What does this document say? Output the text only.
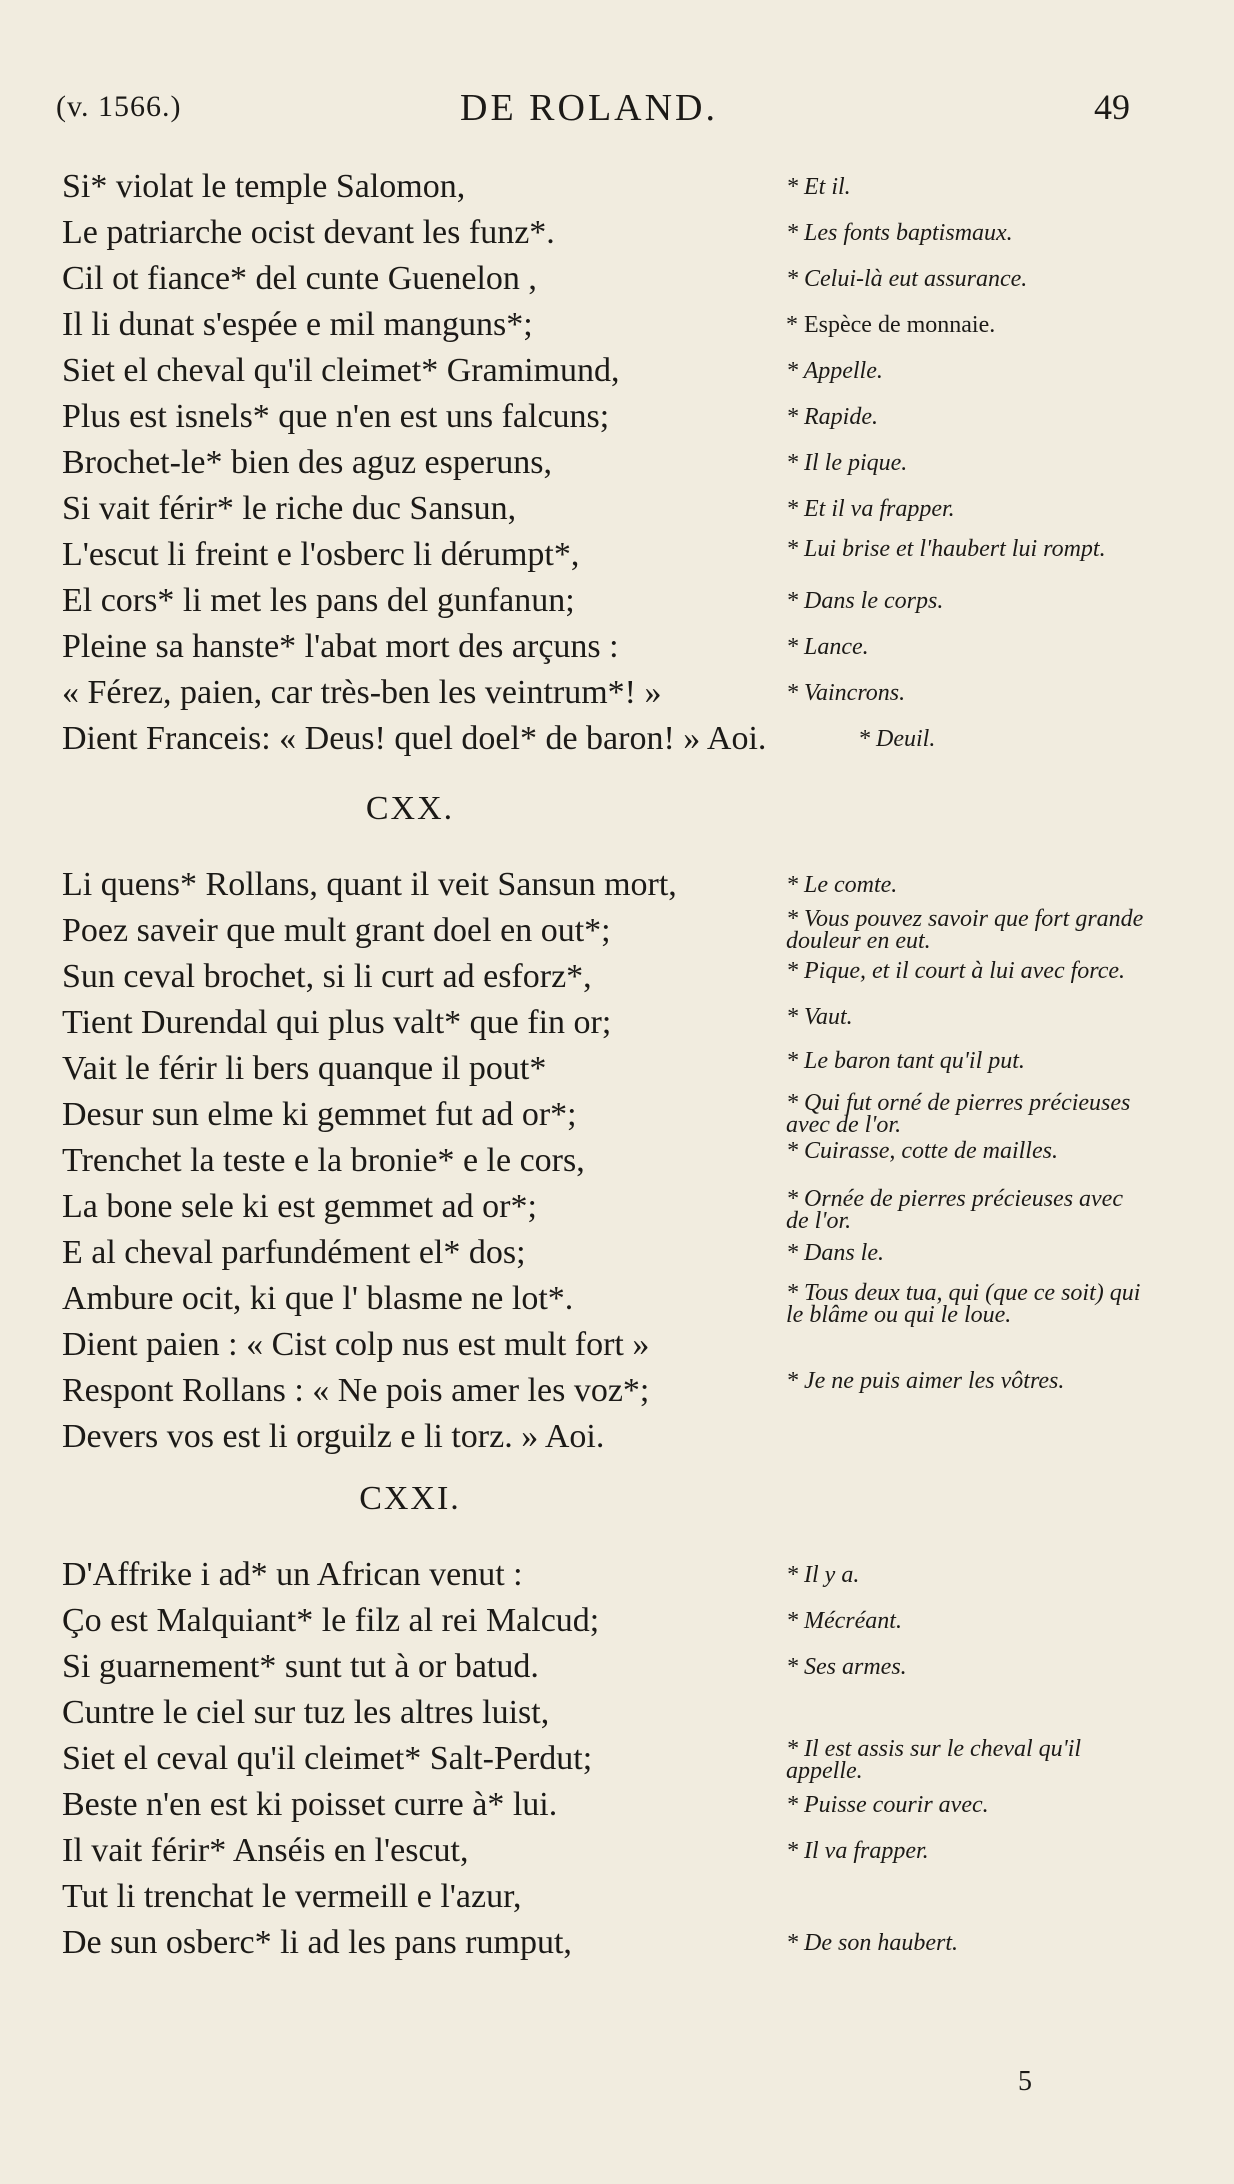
(v. 1566.)	DE ROLAND.	49
Si* violat le temple Salomon,	* Et il.
Le patriarche ocist devant les funz*.	* Les fonts baptismaux.
Cil ot fiance* del cunte Guenelon ,	* Celui-là eut assurance.
Il li dunat s'espée e mil manguns*;	* Espèce de monnaie.
Siet el cheval qu'il cleimet* Gramimund,	* Appelle.
Plus est isnels* que n'en est uns falcuns;	* Rapide.
Brochet-le* bien des aguz esperuns,	* Il le pique.
Si vait férir* le riche duc Sansun,	* Et il va frapper.
L'escut li freint e l'osberc li dérumpt*,	* Lui brise et l'haubert lui rompt.
El cors* li met les pans del gunfanun;	* Dans le corps.
Pleine sa hanste* l'abat mort des arçuns :	* Lance.
« Férez, paien, car très-ben les veintrum*! »	* Vaincrons.
Dient Franceis: « Deus! quel doel* de baron! » Aoi.	* Deuil.
CXX.
Li quens* Rollans, quant il veit Sansun mort,	* Le comte.
Poez saveir que mult grant doel en out*;	* Vous pouvez savoir que fort grande douleur en eut.
Sun ceval brochet, si li curt ad esforz*,	* Pique, et il court à lui avec force.
Tient Durendal qui plus valt* que fin or;	* Vaut.
Vait le férir li bers quanque il pout*	* Le baron tant qu'il put.
Desur sun elme ki gemmet fut ad or*;	* Qui fut orné de pierres précieuses avec de l'or.
Trenchet la teste e la bronie* e le cors,	* Cuirasse, cotte de mailles.
La bone sele ki est gemmet ad or*;	* Ornée de pierres précieuses avec de l'or.
E al cheval parfundément el* dos;	* Dans le.
Ambure ocit, ki que l' blasme ne lot*.	* Tous deux tua, qui (que ce soit) qui le blâme ou qui le loue.
Dient paien : « Cist colp nus est mult fort »
Respont Rollans : « Ne pois amer les voz*;	* Je ne puis aimer les vôtres.
Devers vos est li orguilz e li torz. » Aoi.
CXXI.
D'Affrike i ad* un African venut :	* Il y a.
Ço est Malquiant* le filz al rei Malcud;	* Mécréant.
Si guarnement* sunt tut à or batud.	* Ses armes.
Cuntre le ciel sur tuz les altres luist,
Siet el ceval qu'il cleimet* Salt-Perdut;	* Il est assis sur le cheval qu'il appelle.
Beste n'en est ki poisset curre à* lui.	* Puisse courir avec.
Il vait férir* Anséis en l'escut,	* Il va frapper.
Tut li trenchat le vermeill e l'azur,
De sun osberc* li ad les pans rumput,	* De son haubert.
5
